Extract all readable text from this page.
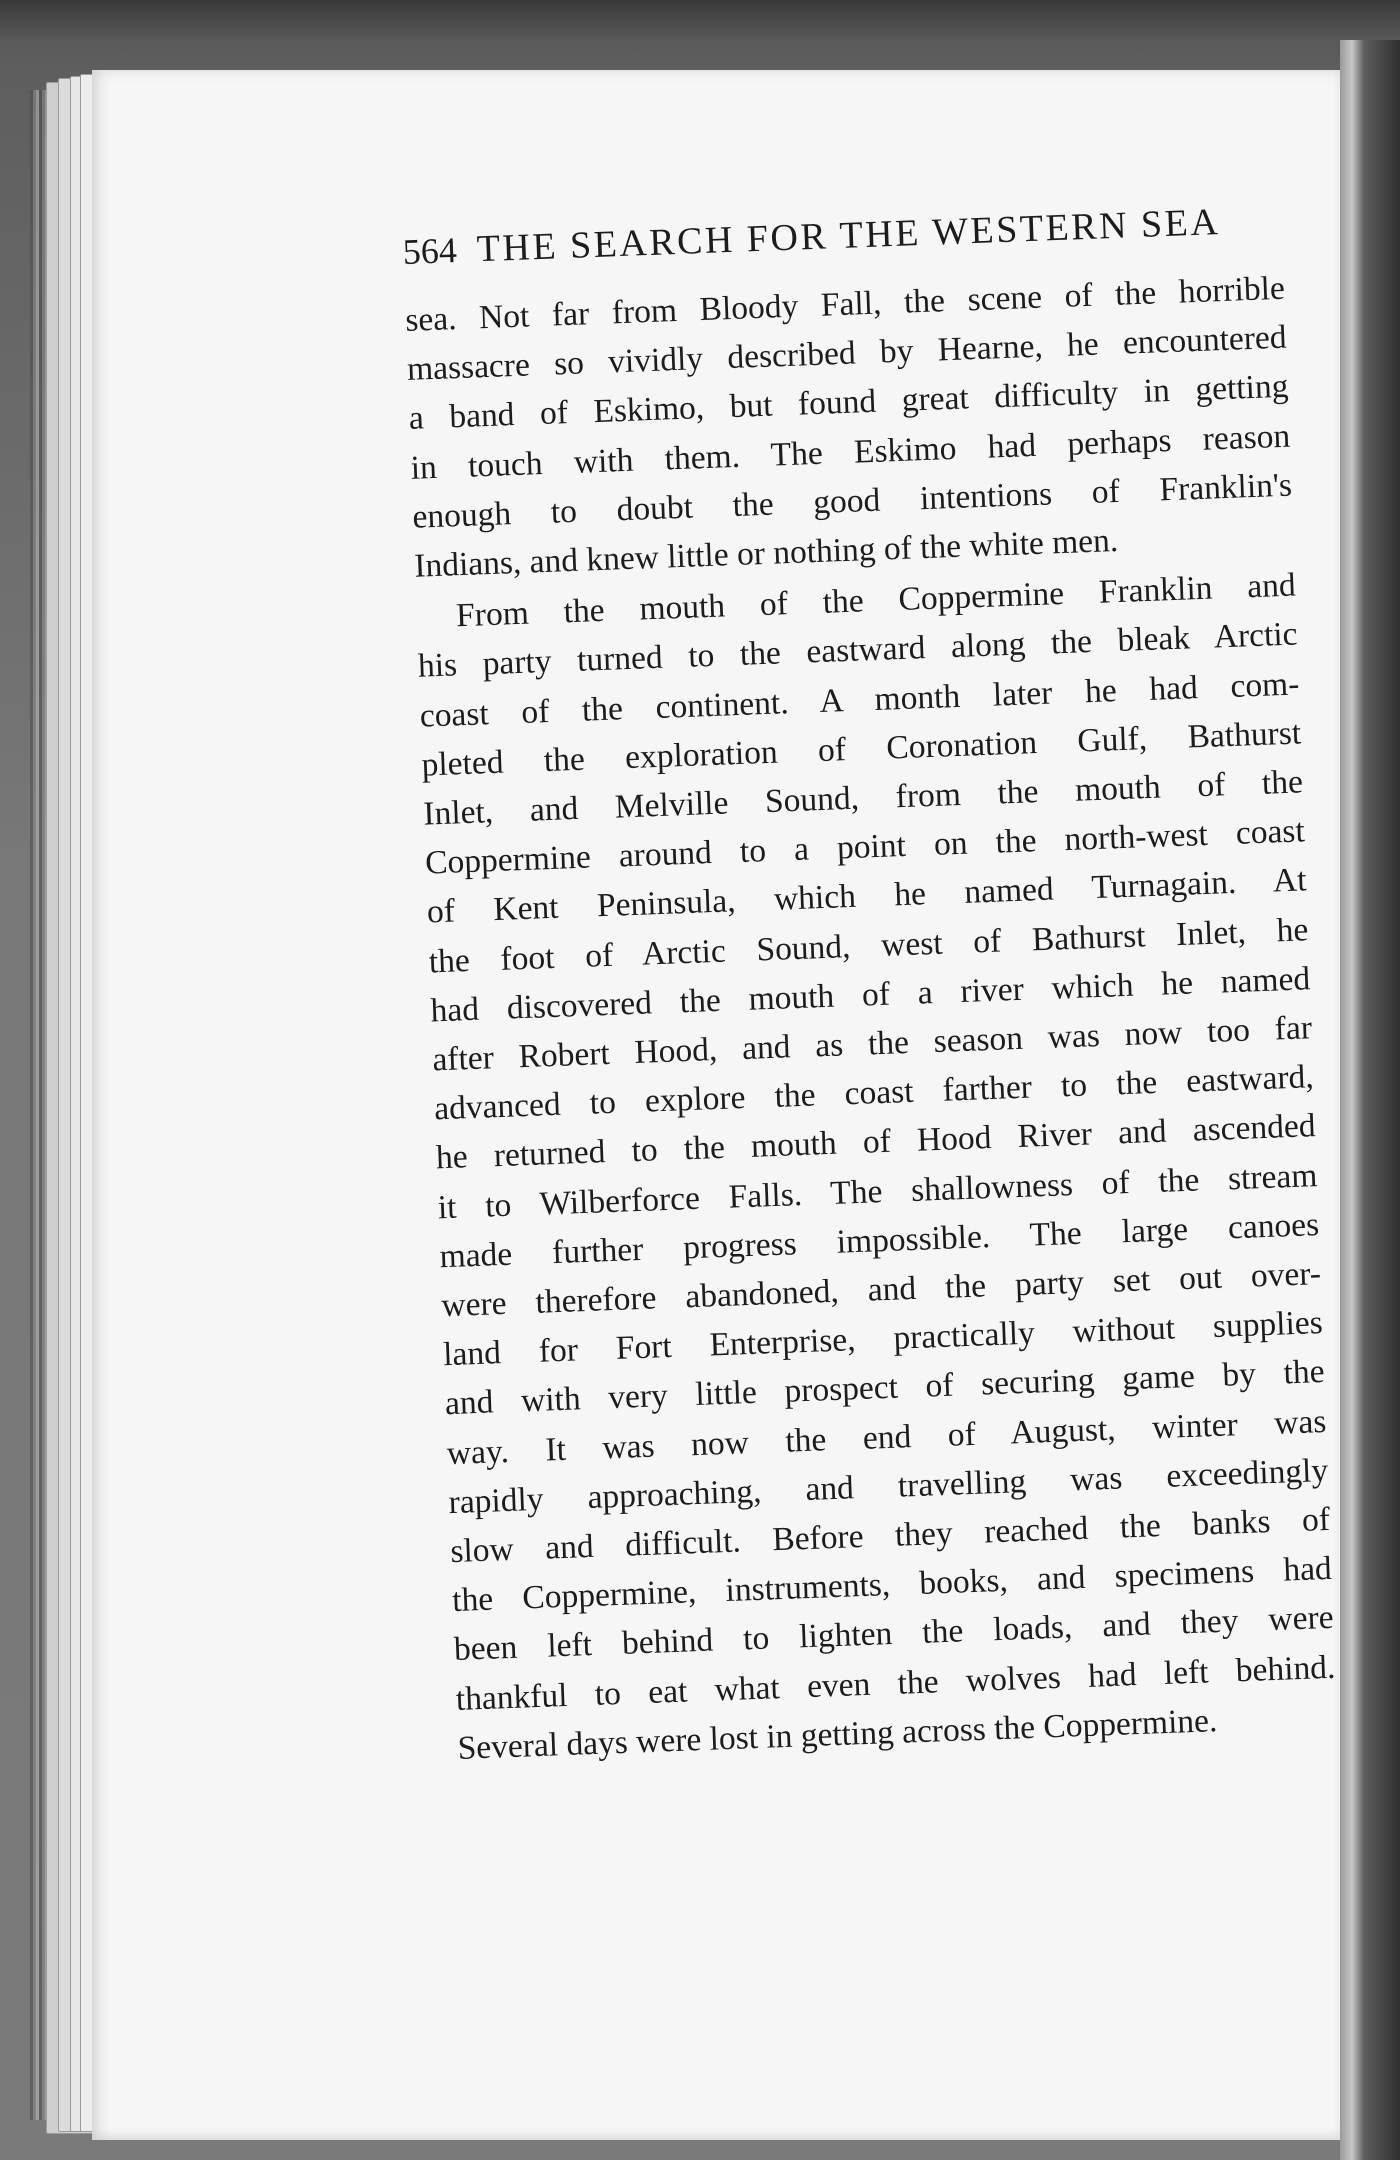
564 THE SEARCH FOR THE WESTERN SEA
sea. Not far from Bloody Fall, the scene of the horrible
massacre so vividly described by Hearne, he encountered
a band of Eskimo, but found great difficulty in getting
in touch with them. The Eskimo had perhaps reason
enough to doubt the good intentions of Franklin's
Indians, and knew little or nothing of the white men.
From the mouth of the Coppermine Franklin and
his party turned to the eastward along the bleak Arctic
coast of the continent. A month later he had com-
pleted the exploration of Coronation Gulf, Bathurst
Inlet, and Melville Sound, from the mouth of the
Coppermine around to a point on the north-west coast
of Kent Peninsula, which he named Turnagain. At
the foot of Arctic Sound, west of Bathurst Inlet, he
had discovered the mouth of a river which he named
after Robert Hood, and as the season was now too far
advanced to explore the coast farther to the eastward,
he returned to the mouth of Hood River and ascended
it to Wilberforce Falls. The shallowness of the stream
made further progress impossible. The large canoes
were therefore abandoned, and the party set out over-
land for Fort Enterprise, practically without supplies
and with very little prospect of securing game by the
way. It was now the end of August, winter was
rapidly approaching, and travelling was exceedingly
slow and difficult. Before they reached the banks of
the Coppermine, instruments, books, and specimens had
been left behind to lighten the loads, and they were
thankful to eat what even the wolves had left behind.
Several days were lost in getting across the Coppermine.
